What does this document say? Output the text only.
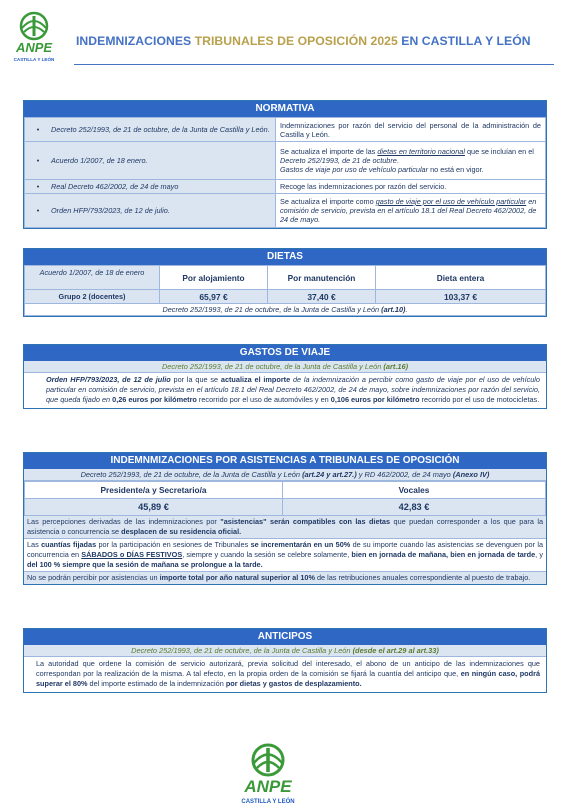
ANPE
CASTILLA Y LEÓN
INDEMNIZACIONES TRIBUNALES DE OPOSICIÓN 2025 EN CASTILLA Y LEÓN
NORMATIVA
• Decreto 252/1993, de 21 de octubre, de la Junta de Castilla y León.	Indemnizaciones por razón del servicio del personal de la administración de Castilla y León.

• Acuerdo 1/2007, de 18 enero.	Se actualiza el importe de las dietas en territorio nacional que se incluían en el Decreto 252/1993, de 21 de octubre.
Gastos de viaje por uso de vehículo particular no está en vigor.

• Real Decreto 462/2002, de 24 de mayo	Recoge las indemnizaciones por razón del servicio.

• Orden HFP/793/2023, de 12 de julio.	Se actualiza el importe como gasto de viaje por el uso de vehículo particular en comisión de servicio, prevista en el artículo 18.1 del Real Decreto 462/2002, de 24 de mayo.
DIETAS
Acuerdo 1/2007, de 18 de enero	Por alojamiento	Por manutención	Dieta entera
Grupo 2 (docentes)	65,97 €	37,40 €	103,37 €
Decreto 252/1993, de 21 de octubre, de la Junta de Castilla y León (art.10).			
GASTOS DE VIAJE
Decreto 252/1993, de 21 de octubre, de la Junta de Castilla y León (art.16)
Orden HFP/793/2023, de 12 de julio por la que se actualiza el importe de la indemnización a percibir como gasto de viaje por el uso de vehículo particular en comisión de servicio, prevista en el artículo 18.1 del Real Decreto 462/2002, de 24 de mayo, sobre indemnizaciones por razón del servicio, que queda fijado en 0,26 euros por kilómetro recorrido por el uso de automóviles y en 0,106 euros por kilómetro recorrido por el uso de motocicletas.
INDEMNMIZACIONES POR ASISTENCIAS A TRIBUNALES DE OPOSICIÓN
Decreto 252/1993, de 21 de octubre, de la Junta de Castilla y León (art.24 y art.27.) y RD 462/2002, de 24 mayo (Anexo IV)
Presidente/a y Secretario/a	Vocales
45,89 €	42,83 €
Las percepciones derivadas de las indemnizaciones por "asistencias" serán compatibles con las dietas que puedan corresponder a los que para la asistencia o concurrencia se desplacen de su residencia oficial.
Las cuantías fijadas por la participación en sesiones de Tribunales se incrementarán en un 50% de su importe cuando las asistencias se devenguen por la concurrencia en SÁBADOS o DÍAS FESTIVOS, siempre y cuando la sesión se celebre solamente, bien en jornada de mañana, bien en jornada de tarde, y del 100 % siempre que la sesión de mañana se prolongue a la tarde.
No se podrán percibir por asistencias un importe total por año natural superior al 10% de las retribuciones anuales correspondiente al puesto de trabajo.
ANTICIPOS
Decreto 252/1993, de 21 de octubre, de la Junta de Castilla y León (desde el art.29 al art.33)
La autoridad que ordene la comisión de servicio autorizará, previa solicitud del interesado, el abono de un anticipo de las indemnizaciones que correspondan por la realización de la misma. A tal efecto, en la propia orden de la comisión se fijará la cuantía del anticipo que, en ningún caso, podrá superar el 80% del importe estimado de la indemnización por dietas y gastos de desplazamiento.
ANPE
CASTILLA Y LEÓN
